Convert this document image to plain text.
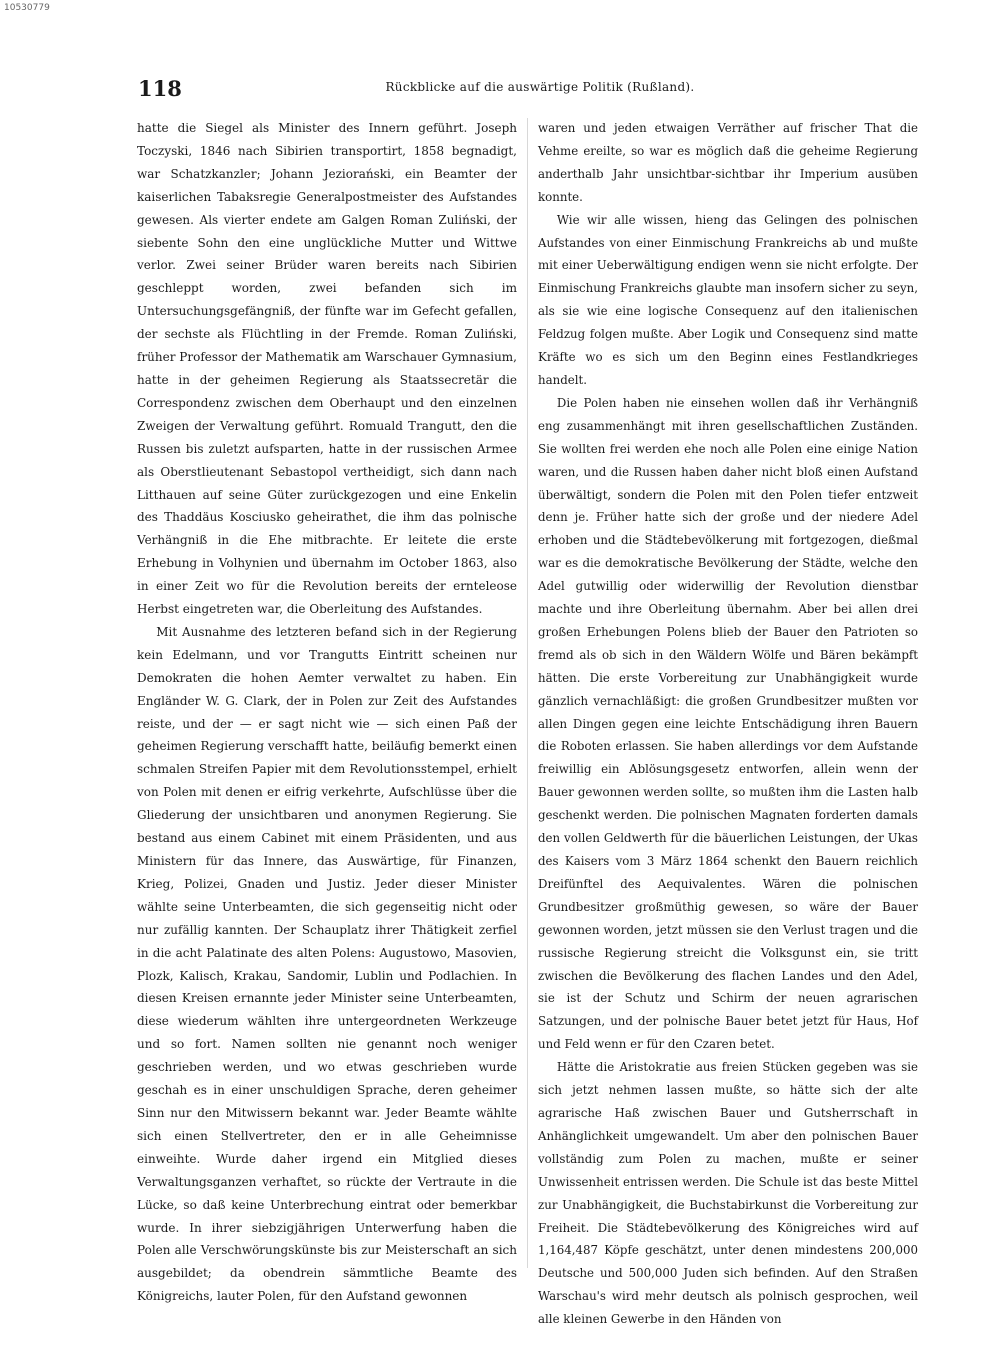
10530779
118	Rückblicke auf die auswärtige Politik (Rußland).

hatte die Siegel als Minister des Innern geführt. Joseph Toczyski, 1846 nach Sibirien transportirt, 1858 begnadigt, war Schatzkanzler; Johann Jeziorański, ein Beamter der kaiserlichen Tabaksregie Generalpostmeister des Aufstandes gewesen. Als vierter endete am Galgen Roman Zuliński, der siebente Sohn den eine unglückliche Mutter und Wittwe verlor. Zwei seiner Brüder waren bereits nach Sibirien geschleppt worden, zwei befanden sich im Untersuchungsgefängniß, der fünfte war im Gefecht gefallen, der sechste als Flüchtling in der Fremde. Roman Zuliński, früher Professor der Mathematik am Warschauer Gymnasium, hatte in der geheimen Regierung als Staatssecretär die Correspondenz zwischen dem Oberhaupt und den einzelnen Zweigen der Verwaltung geführt. Romuald Trangutt, den die Russen bis zuletzt aufsparten, hatte in der russischen Armee als Oberstlieutenant Sebastopol vertheidigt, sich dann nach Litthauen auf seine Güter zurückgezogen und eine Enkelin des Thaddäus Kosciusko geheirathet, die ihm das polnische Verhängniß in die Ehe mitbrachte. Er leitete die erste Erhebung in Volhynien und übernahm im October 1863, also in einer Zeit wo für die Revolution bereits der ernteleose Herbst eingetreten war, die Oberleitung des Aufstandes.

Mit Ausnahme des letzteren befand sich in der Regierung kein Edelmann, und vor Trangutts Eintritt scheinen nur Demokraten die hohen Aemter verwaltet zu haben. Ein Engländer W. G. Clark, der in Polen zur Zeit des Aufstandes reiste, und der — er sagt nicht wie — sich einen Paß der geheimen Regierung verschafft hatte, beiläufig bemerkt einen schmalen Streifen Papier mit dem Revolutionsstempel, erhielt von Polen mit denen er eifrig verkehrte, Aufschlüsse über die Gliederung der unsichtbaren und anonymen Regierung. Sie bestand aus einem Cabinet mit einem Präsidenten, und aus Ministern für das Innere, das Auswärtige, für Finanzen, Krieg, Polizei, Gnaden und Justiz. Jeder dieser Minister wählte seine Unterbeamten, die sich gegenseitig nicht oder nur zufällig kannten. Der Schauplatz ihrer Thätigkeit zerfiel in die acht Palatinate des alten Polens: Augustowo, Masovien, Plozk, Kalisch, Krakau, Sandomir, Lublin und Podlachien. In diesen Kreisen ernannte jeder Minister seine Unterbeamten, diese wiederum wählten ihre untergeordneten Werkzeuge und so fort. Namen sollten nie genannt noch weniger geschrieben werden, und wo etwas geschrieben wurde geschah es in einer unschuldigen Sprache, deren geheimer Sinn nur den Mitwissern bekannt war. Jeder Beamte wählte sich einen Stellvertreter, den er in alle Geheimnisse einweihte. Wurde daher irgend ein Mitglied dieses Verwaltungsganzen verhaftet, so rückte der Vertraute in die Lücke, so daß keine Unterbrechung eintrat oder bemerkbar wurde. In ihrer siebzigjährigen Unterwerfung haben die Polen alle Verschwörungskünste bis zur Meisterschaft an sich ausgebildet; da obendrein sämmtliche Beamte des Königreichs, lauter Polen, für den Aufstand gewonnen

waren und jeden etwaigen Verräther auf frischer That die Vehme ereilte, so war es möglich daß die geheime Regierung anderthalb Jahr unsichtbar-sichtbar ihr Imperium ausüben konnte.

Wie wir alle wissen, hieng das Gelingen des polnischen Aufstandes von einer Einmischung Frankreichs ab und mußte mit einer Ueberwältigung endigen wenn sie nicht erfolgte. Der Einmischung Frankreichs glaubte man insofern sicher zu seyn, als sie wie eine logische Consequenz auf den italienischen Feldzug folgen mußte. Aber Logik und Consequenz sind matte Kräfte wo es sich um den Beginn eines Festlandkrieges handelt.

Die Polen haben nie einsehen wollen daß ihr Verhängniß eng zusammenhängt mit ihren gesellschaftlichen Zuständen. Sie wollten frei werden ehe noch alle Polen eine einige Nation waren, und die Russen haben daher nicht bloß einen Aufstand überwältigt, sondern die Polen mit den Polen tiefer entzweit denn je. Früher hatte sich der große und der niedere Adel erhoben und die Städtebevölkerung mit fortgezogen, dießmal war es die demokratische Bevölkerung der Städte, welche den Adel gutwillig oder widerwillig der Revolution dienstbar machte und ihre Oberleitung übernahm. Aber bei allen drei großen Erhebungen Polens blieb der Bauer den Patrioten so fremd als ob sich in den Wäldern Wölfe und Bären bekämpft hätten. Die erste Vorbereitung zur Unabhängigkeit wurde gänzlich vernachläßigt: die großen Grundbesitzer mußten vor allen Dingen gegen eine leichte Entschädigung ihren Bauern die Roboten erlassen. Sie haben allerdings vor dem Aufstande freiwillig ein Ablösungsgesetz entworfen, allein wenn der Bauer gewonnen werden sollte, so mußten ihm die Lasten halb geschenkt werden. Die polnischen Magnaten forderten damals den vollen Geldwerth für die bäuerlichen Leistungen, der Ukas des Kaisers vom 3 März 1864 schenkt den Bauern reichlich Dreifünftel des Aequivalentes. Wären die polnischen Grundbesitzer großmüthig gewesen, so wäre der Bauer gewonnen worden, jetzt müssen sie den Verlust tragen und die russische Regierung streicht die Volksgunst ein, sie tritt zwischen die Bevölkerung des flachen Landes und den Adel, sie ist der Schutz und Schirm der neuen agrarischen Satzungen, und der polnische Bauer betet jetzt für Haus, Hof und Feld wenn er für den Czaren betet.

Hätte die Aristokratie aus freien Stücken gegeben was sie sich jetzt nehmen lassen mußte, so hätte sich der alte agrarische Haß zwischen Bauer und Gutsherrschaft in Anhänglichkeit umgewandelt. Um aber den polnischen Bauer vollständig zum Polen zu machen, mußte er seiner Unwissenheit entrissen werden. Die Schule ist das beste Mittel zur Unabhängigkeit, die Buchstabirkunst die Vorbereitung zur Freiheit. Die Städtebevölkerung des Königreiches wird auf 1,164,487 Köpfe geschätzt, unter denen mindestens 200,000 Deutsche und 500,000 Juden sich befinden. Auf den Straßen Warschau's wird mehr deutsch als polnisch gesprochen, weil alle kleinen Gewerbe in den Händen von
